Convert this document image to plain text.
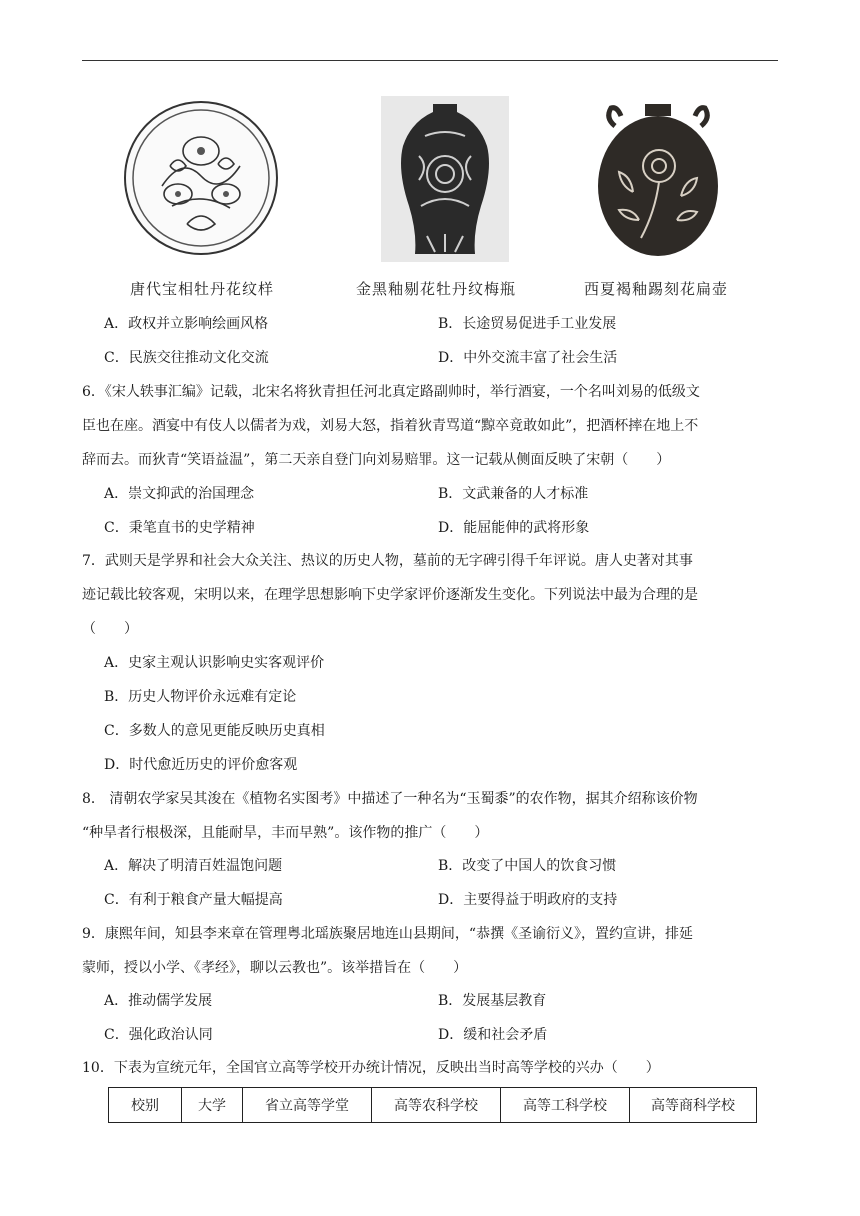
唐代宝相牡丹花纹样	金黑釉剔花牡丹纹梅瓶	西夏褐釉踢刻花扁壶
A．政权并立影响绘画风格	B．长途贸易促进手工业发展
C．民族交往推动文化交流	D．中外交流丰富了社会生活
6．《宋人轶事汇编》记载，北宋名将狄青担任河北真定路副帅时，举行酒宴，一个名叫刘易的低级文
臣也在座。酒宴中有伎人以儒者为戏，刘易大怒，指着狄青骂道“黥卒竟敢如此”，把酒杯摔在地上不
辞而去。而狄青“笑语益温”，第二天亲自登门向刘易赔罪。这一记载从侧面反映了宋朝（　　）
A．崇文抑武的治国理念	B．文武兼备的人才标准
C．秉笔直书的史学精神	D．能屈能伸的武将形象
7．武则天是学界和社会大众关注、热议的历史人物，墓前的无字碑引得千年评说。唐人史著对其事
迹记载比较客观，宋明以来，在理学思想影响下史学家评价逐渐发生变化。下列说法中最为合理的是
（　　）
A．史家主观认识影响史实客观评价
B．历史人物评价永远难有定论
C．多数人的意见更能反映历史真相
D．时代愈近历史的评价愈客观
8． 清朝农学家吴其浚在《植物名实图考》中描述了一种名为“玉蜀黍”的农作物，据其介绍称该价物
“种旱者行根极深，且能耐旱，丰而早熟”。该作物的推广（　　）
A．解决了明清百姓温饱问题	B．改变了中国人的饮食习惯
C．有利于粮食产量大幅提高	D．主要得益于明政府的支持
9．康熙年间，知县李来章在管理粤北瑶族聚居地连山县期间，“恭撰《圣谕衍义》，置约宣讲，排延
蒙师，授以小学、《孝经》，聊以云教也”。该举措旨在（　　）
A．推动儒学发展	B．发展基层教育
C．强化政治认同	D．缓和社会矛盾
10．下表为宣统元年，全国官立高等学校开办统计情况，反映出当时高等学校的兴办（　　）
校别	大学	省立高等学堂	高等农科学校	高等工科学校	高等商科学校
